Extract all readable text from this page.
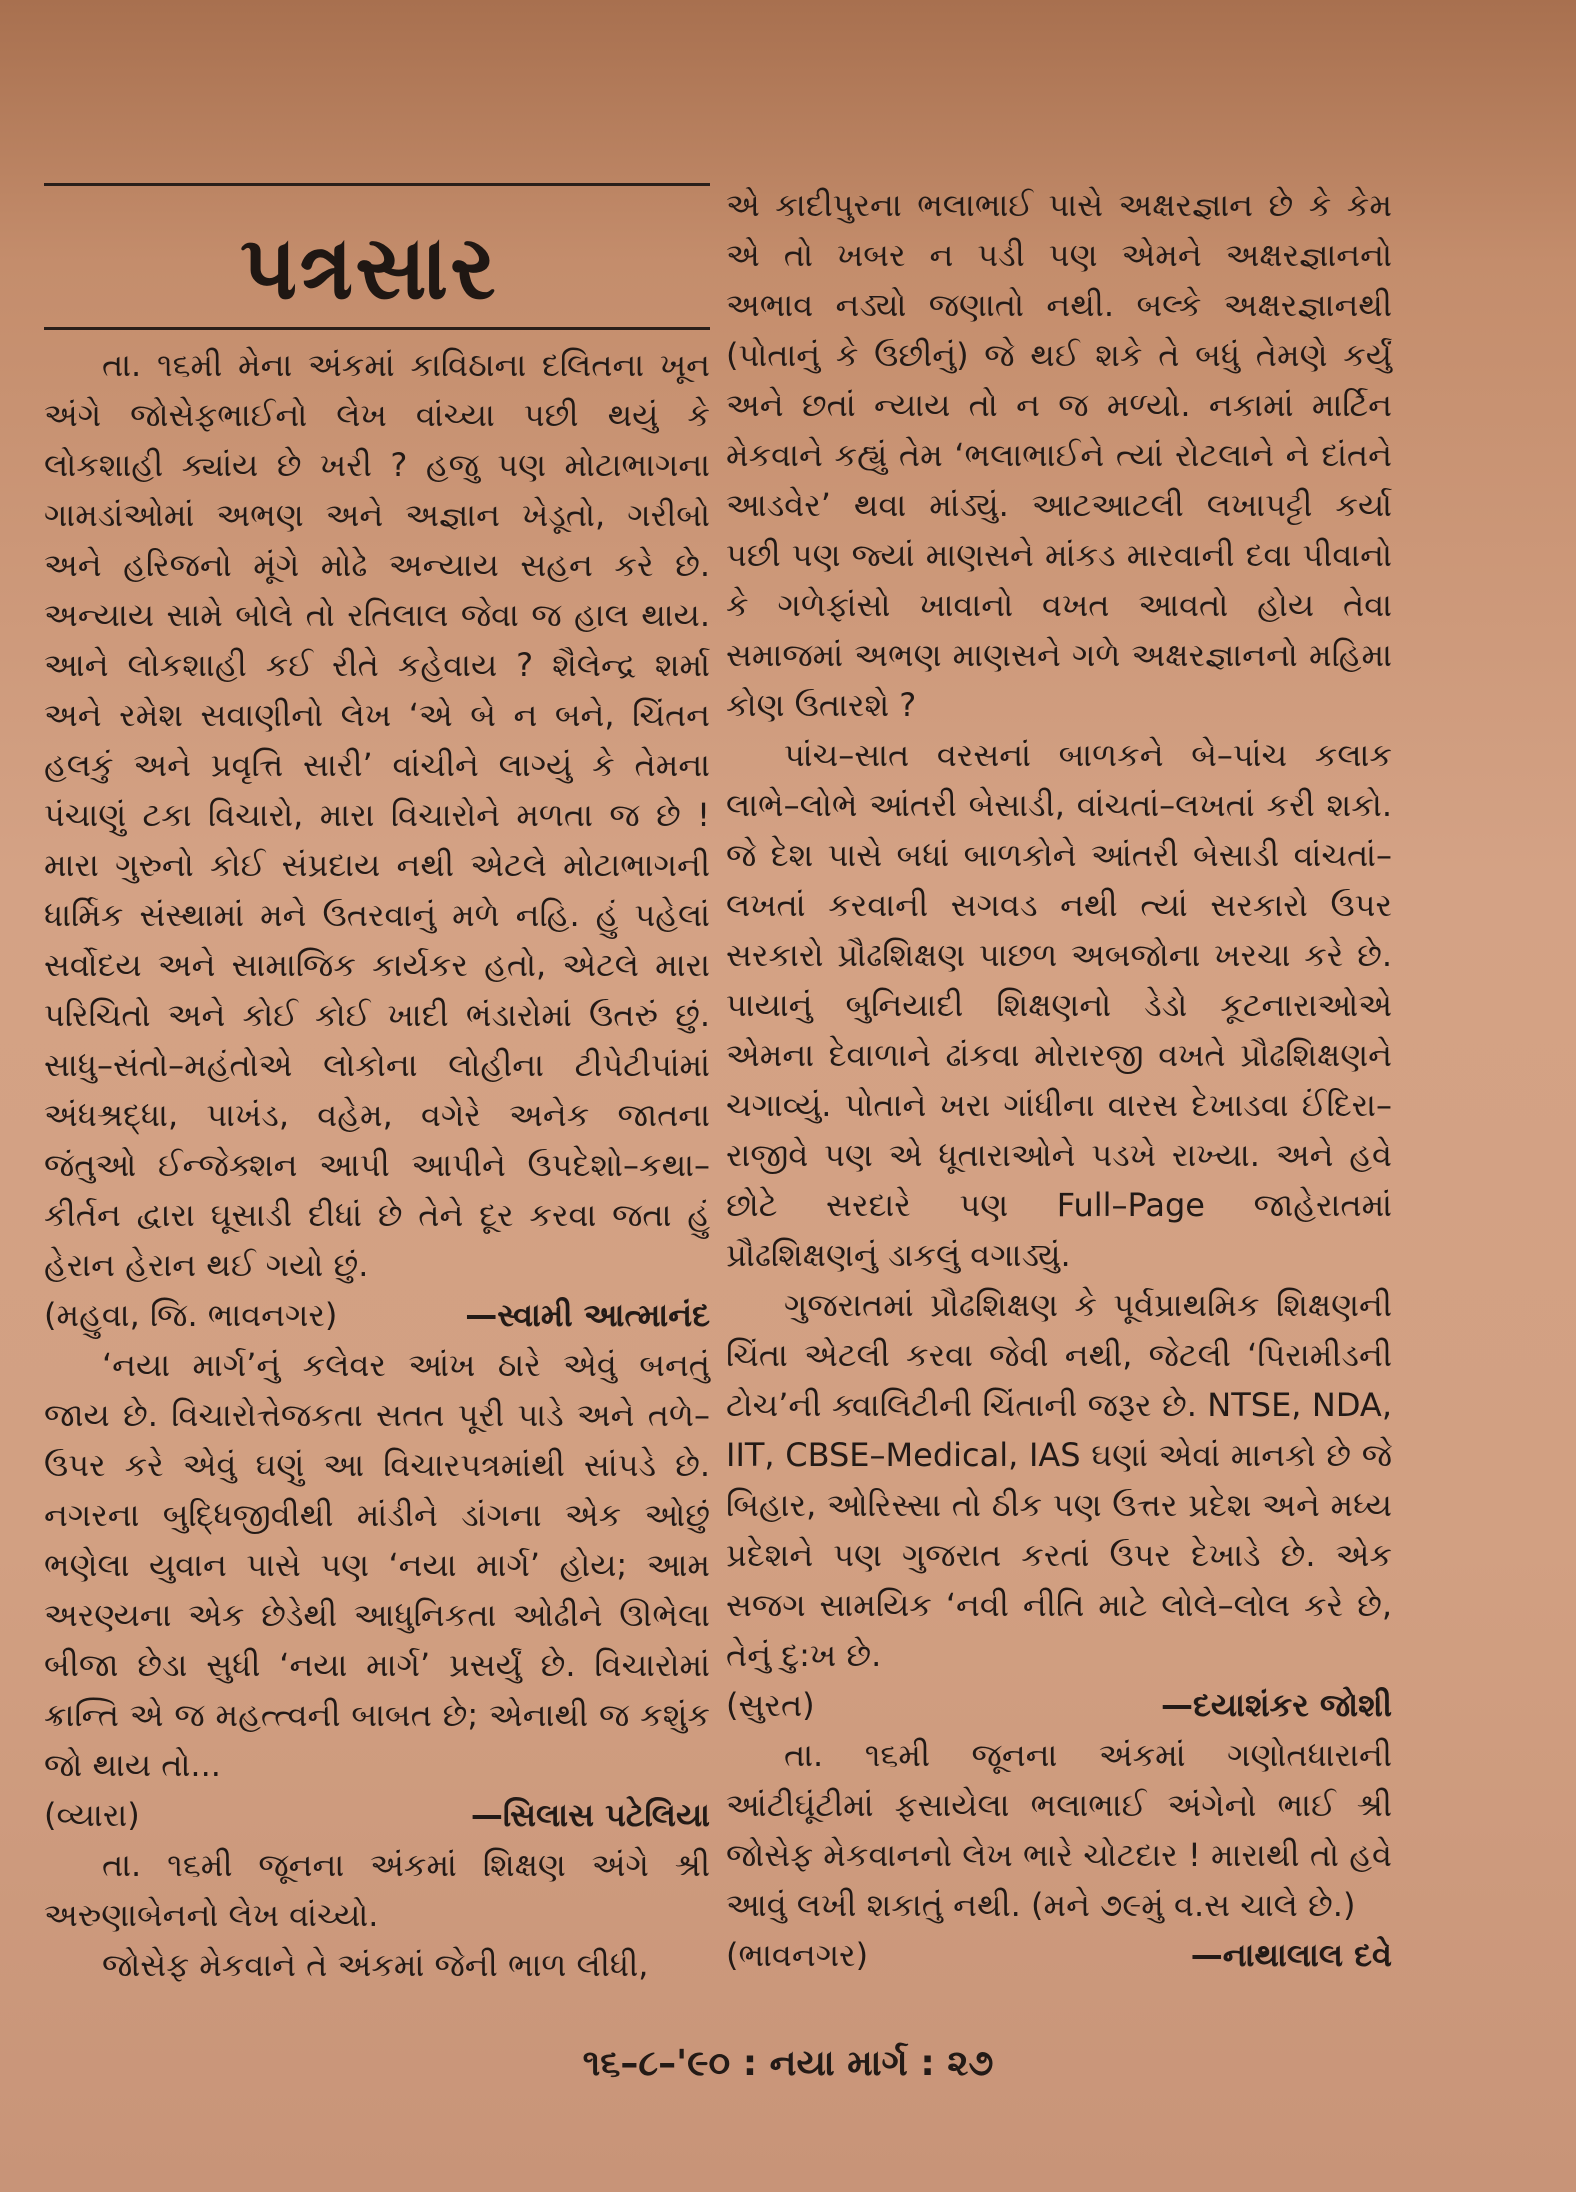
પત્રસાર

તા. ૧૬મી મેના અંકમાં કાવિઠાના દલિતના ખૂન અંગે જોસેફભાઈનો લેખ વાંચ્યા પછી થયું કે લોકશાહી ક્યાંય છે ખરી ? હજુ પણ મોટાભાગના ગામડાંઓમાં અભણ અને અજ્ઞાન ખેડૂતો, ગરીબો અને હરિજનો મૂંગે મોઢે અન્યાય સહન કરે છે. અન્યાય સામે બોલે તો રતિલાલ જેવા જ હાલ થાય. આને લોકશાહી કઈ રીતે કહેવાય ? શૈલેન્દ્ર શર્મા અને રમેશ સવાણીનો લેખ ‘એ બે ન બને, ચિંતન હલકું અને પ્રવૃત્તિ સારી’ વાંચીને લાગ્યું કે તેમના પંચાણું ટકા વિચારો, મારા વિચારોને મળતા જ છે ! મારા ગુરુનો કોઈ સંપ્રદાય નથી એટલે મોટાભાગની ધાર્મિક સંસ્થામાં મને ઉતરવાનું મળે નહિ. હું પહેલાં સર્વોદય અને સામાજિક કાર્યકર હતો, એટલે મારા પરિચિતો અને કોઈ કોઈ ખાદી ભંડારોમાં ઉતરું છું. સાધુ–સંતો–મહંતોએ લોકોના લોહીના ટીપેટીપાંમાં અંધશ્રદ્ધા, પાખંડ, વહેમ, વગેરે અનેક જાતના જંતુઓ ઈન્જેક્શન આપી આપીને ઉપદેશો–કથા–કીર્તન દ્વારા ઘૂસાડી દીધાં છે તેને દૂર કરવા જતા હું હેરાન હેરાન થઈ ગયો છું.

(મહુવા, જિ. ભાવનગર)	—સ્વામી આત્માનંદ

‘નયા માર્ગ’નું કલેવર આંખ ઠારે એવું બનતું જાય છે. વિચારોત્તેજકતા સતત પૂરી પાડે અને તળે–ઉપર કરે એવું ઘણું આ વિચારપત્રમાંથી સાંપડે છે. નગરના બુદ્ધિજીવીથી માંડીને ડાંગના એક ઓછું ભણેલા યુવાન પાસે પણ ‘નયા માર્ગ’ હોય; આમ અરણ્યના એક છેડેથી આધુનિકતા ઓઢીને ઊભેલા બીજા છેડા સુધી ‘નયા માર્ગ’ પ્રસર્યું છે. વિચારોમાં ક્રાન્તિ એ જ મહત્ત્વની બાબત છે; એનાથી જ કશુંક જો થાય તો...

(વ્યારા)	—સિલાસ પટેલિયા

તા. ૧૬મી જૂનના અંકમાં શિક્ષણ અંગે શ્રી અરુણાબેનનો લેખ વાંચ્યો.

જોસેફ મેકવાને તે અંકમાં જેની ભાળ લીધી,

એ કાદીપુરના ભલાભાઈ પાસે અક્ષરજ્ઞાન છે કે કેમ એ તો ખબર ન પડી પણ એમને અક્ષરજ્ઞાનનો અભાવ નડ્યો જણાતો નથી. બલ્કે અક્ષરજ્ઞાનથી (પોતાનું કે ઉછીનું) જે થઈ શકે તે બધું તેમણે કર્યું અને છતાં ન્યાય તો ન જ મળ્યો. નકામાં માર્ટિન મેકવાને કહ્યું તેમ ‘ભલાભાઈને ત્યાં રોટલાને ને દાંતને આડવેર’ થવા માંડ્યું. આટઆટલી લખાપટ્ટી કર્યા પછી પણ જ્યાં માણસને માંકડ મારવાની દવા પીવાનો કે ગળેફાંસો ખાવાનો વખત આવતો હોય તેવા સમાજમાં અભણ માણસને ગળે અક્ષરજ્ઞાનનો મહિમા કોણ ઉતારશે ?

પાંચ–સાત વરસનાં બાળકને બે–પાંચ કલાક લાભે–લોભે આંતરી બેસાડી, વાંચતાં–લખતાં કરી શકો. જે દેશ પાસે બધાં બાળકોને આંતરી બેસાડી વાંચતાં–લખતાં કરવાની સગવડ નથી ત્યાં સરકારો ઉપર સરકારો પ્રૌઢશિક્ષણ પાછળ અબજોના ખરચા કરે છે. પાયાનું બુનિયાદી શિક્ષણનો ડેડો કૂટનારાઓએ એમના દેવાળાને ઢાંકવા મોરારજી વખતે પ્રૌઢશિક્ષણને ચગાવ્યું. પોતાને ખરા ગાંધીના વારસ દેખાડવા ઈંદિરા–રાજીવે પણ એ ધૂતારાઓને પડખે રાખ્યા. અને હવે છોટે સરદારે પણ Full–Page જાહેરાતમાં પ્રૌઢશિક્ષણનું ડાકલું વગાડ્યું.

ગુજરાતમાં પ્રૌઢશિક્ષણ કે પૂર્વપ્રાથમિક શિક્ષણની ચિંતા એટલી કરવા જેવી નથી, જેટલી ‘પિરામીડની ટોચ’ની ક્વાલિટીની ચિંતાની જરૂર છે. NTSE, NDA, IIT, CBSE–Medical, IAS ઘણાં એવાં માનકો છે જે બિહાર, ઓરિસ્સા તો ઠીક પણ ઉત્તર પ્રદેશ અને મધ્ય પ્રદેશને પણ ગુજરાત કરતાં ઉપર દેખાડે છે. એક સજગ સામયિક ‘નવી નીતિ માટે લોલે–લોલ કરે છે, તેનું દુ:ખ છે.

(સુરત)	—દયાશંકર જોશી

તા. ૧૬મી જૂનના અંકમાં ગણોતધારાની આંટીઘૂંટીમાં ફસાયેલા ભલાભાઈ અંગેનો ભાઈ શ્રી જોસેફ મેકવાનનો લેખ ભારે ચોટદાર ! મારાથી તો હવે આવું લખી શકાતું નથી. (મને ૭૯મું વ.સ ચાલે છે.)

(ભાવનગર)	—નાથાલાલ દવે
૧૬–૮–'૯૦ : નયા માર્ગ : ૨૭
